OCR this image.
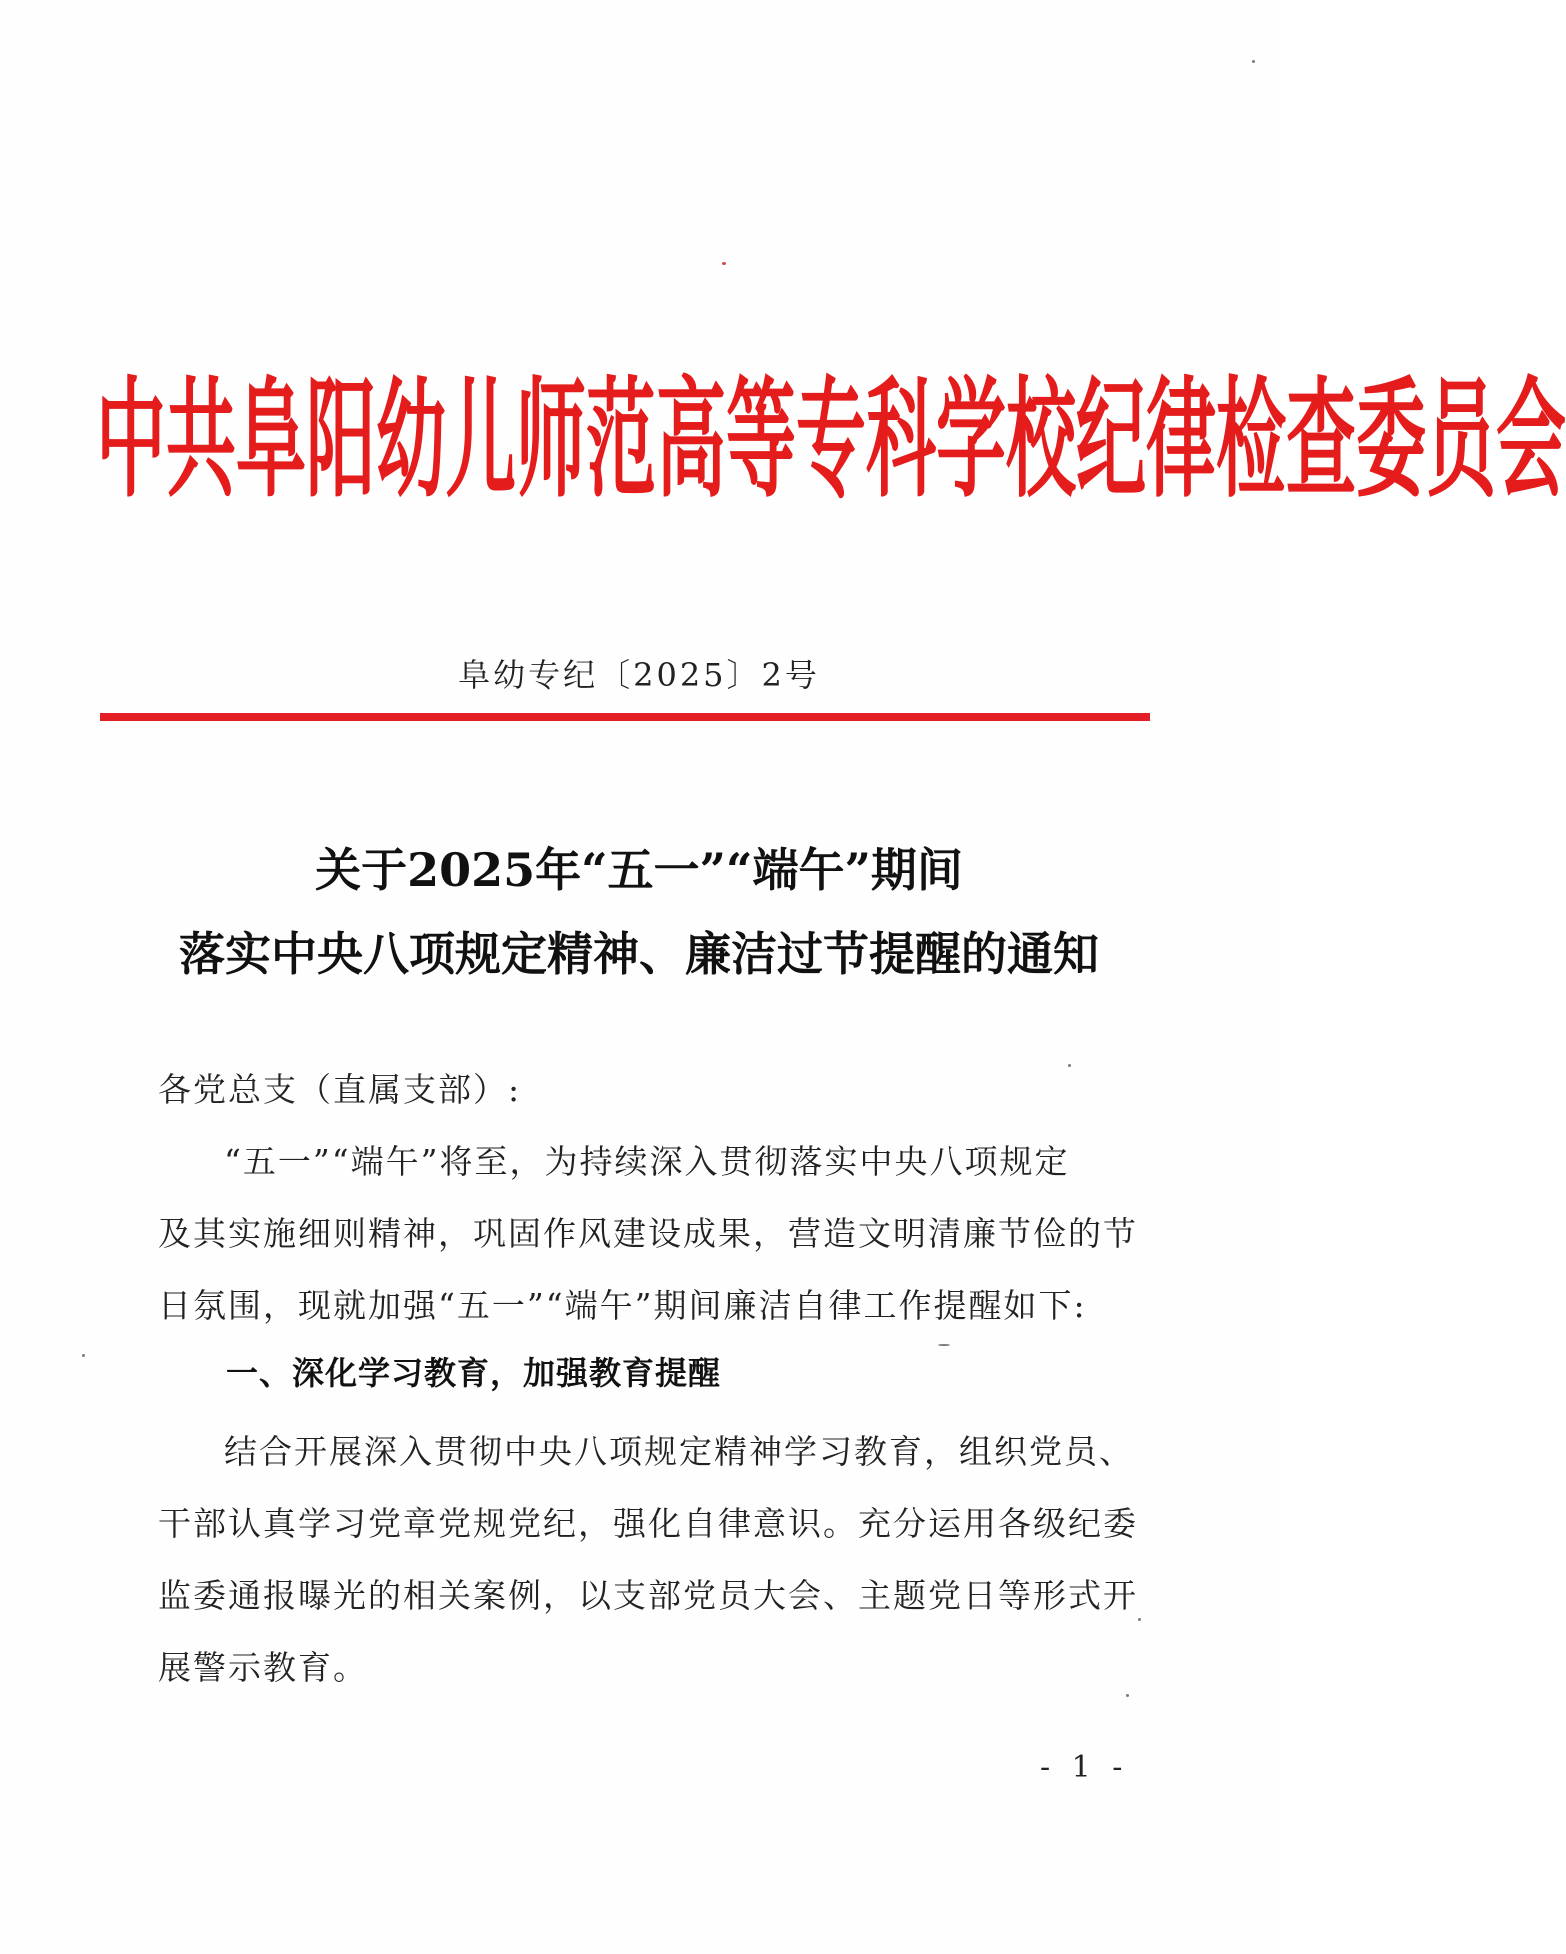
中共阜阳幼儿师范高等专科学校纪律检查委员会
阜幼专纪〔2025〕2号
关于2025年“五一”“端午”期间
落实中央八项规定精神、廉洁过节提醒的通知
各党总支（直属支部）:
“五一”“端午”将至，为持续深入贯彻落实中央八项规定
及其实施细则精神，巩固作风建设成果，营造文明清廉节俭的节
日氛围，现就加强“五一”“端午”期间廉洁自律工作提醒如下:
一、深化学习教育，加强教育提醒
结合开展深入贯彻中央八项规定精神学习教育，组织党员、
干部认真学习党章党规党纪，强化自律意识。充分运用各级纪委
监委通报曝光的相关案例，以支部党员大会、主题党日等形式开
展警示教育。
- 1 -
